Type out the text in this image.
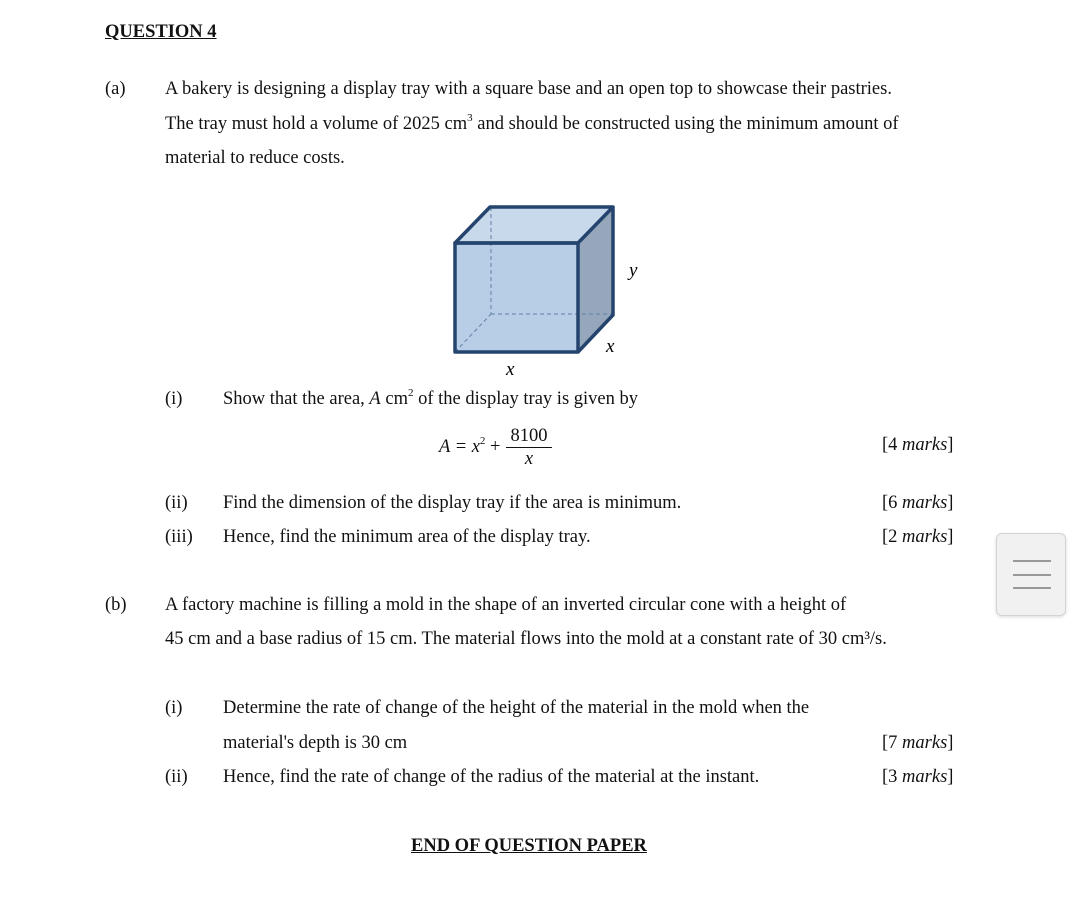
QUESTION 4
(a) A bakery is designing a display tray with a square base and an open top to showcase their pastries.
The tray must hold a volume of 2025 $cm^3$ and should be constructed using the minimum amount of
material to reduce costs.
y
x
x
(i) Show that the area, A $cm^2$ of the display tray is given by
$A = x^2 + \frac{8100}{x}$	[4 marks]
(ii) Find the dimension of the display tray if the area is minimum.	[6 marks]
(iii) Hence, find the minimum area of the display tray.	[2 marks]
(b) A factory machine is filling a mold in the shape of an inverted circular cone with a height of
45 cm and a base radius of 15 cm. The material flows into the mold at a constant rate of 30 cm³/s.
(i) Determine the rate of change of the height of the material in the mold when the
material's depth is 30 cm	[7 marks]
(ii) Hence, find the rate of change of the radius of the material at the instant.	[3 marks]
END OF QUESTION PAPER
